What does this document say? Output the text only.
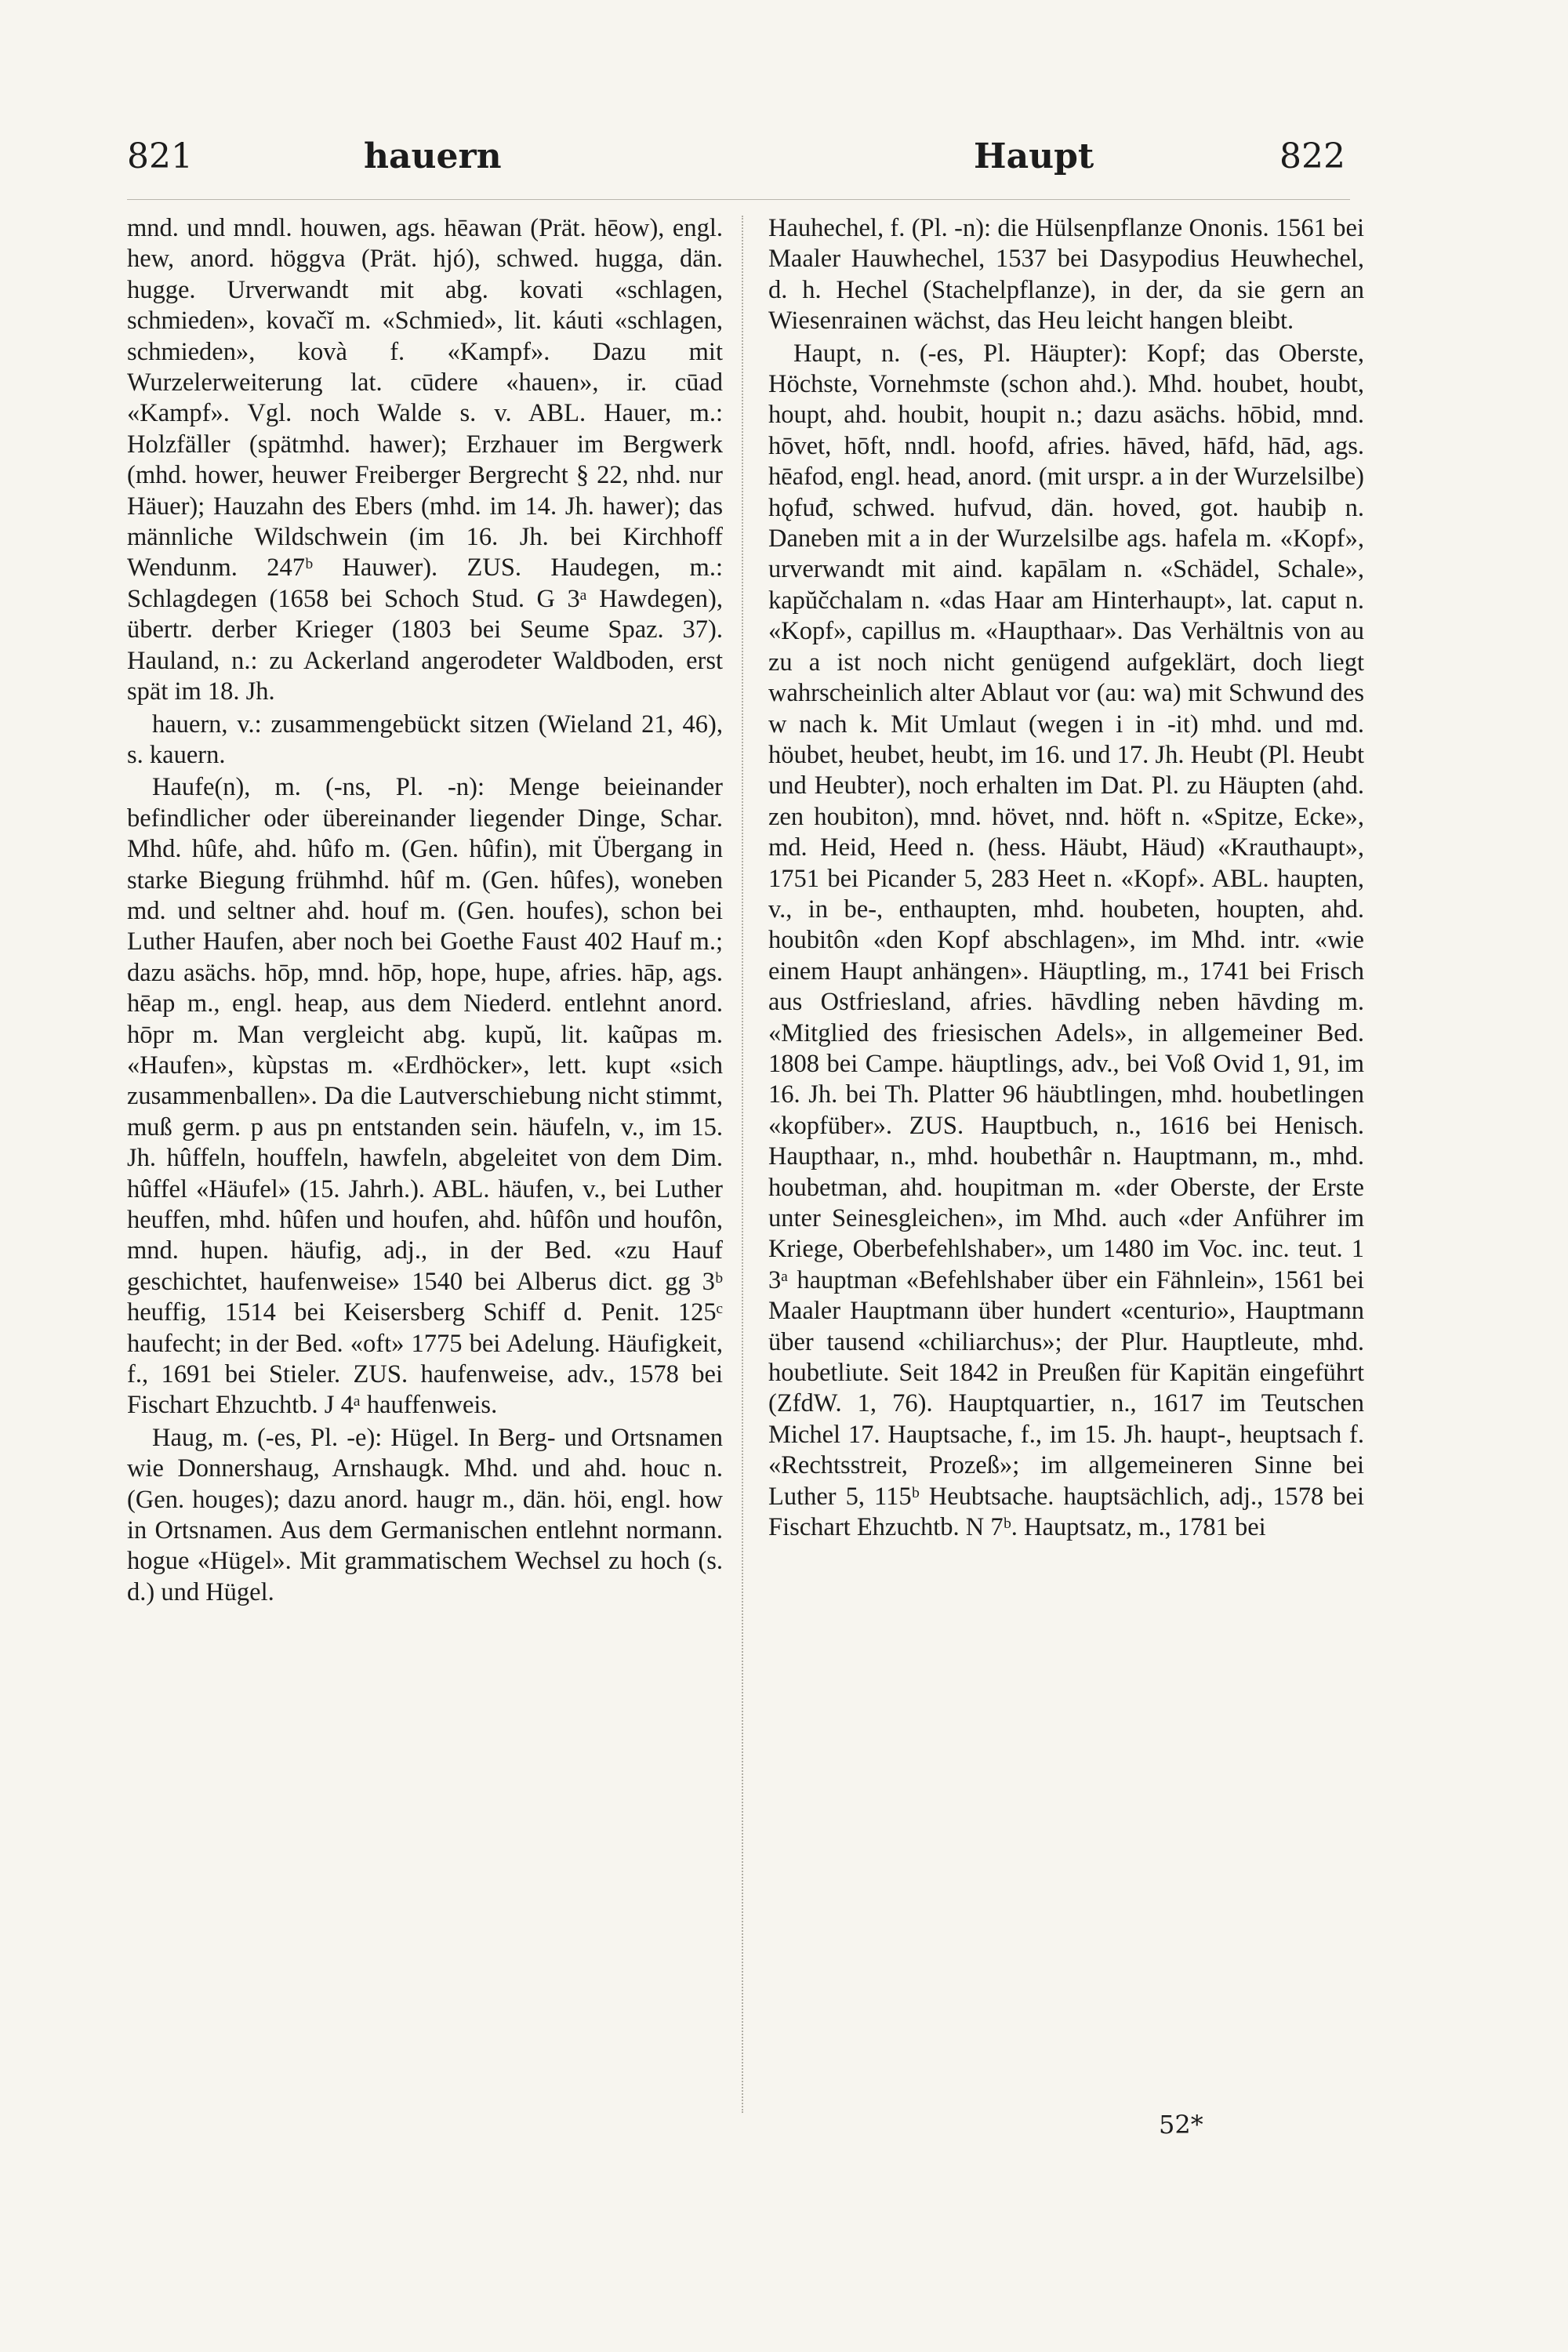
821	hauern	Haupt	822

mnd. und mndl. houwen, ags. hēawan (Prät. hēow), engl. hew, anord. höggva (Prät. hjó), schwed. hugga, dän. hugge. Urverwandt mit abg. kovati «schlagen, schmieden», kovačĭ m. «Schmied», lit. káuti «schlagen, schmieden», kovà f. «Kampf». Dazu mit Wurzelerweiterung lat. cūdere «hauen», ir. cūad «Kampf». Vgl. noch Walde s. v. ABL. Hauer, m.: Holzfäller (spätmhd. hawer); Erzhauer im Bergwerk (mhd. hower, heuwer Freiberger Bergrecht § 22, nhd. nur Häuer); Hauzahn des Ebers (mhd. im 14. Jh. hawer); das männliche Wildschwein (im 16. Jh. bei Kirchhoff Wendunm. 247ᵇ Hauwer). ZUS. Haudegen, m.: Schlagdegen (1658 bei Schoch Stud. G 3ᵃ Hawdegen), übertr. derber Krieger (1803 bei Seume Spaz. 37). Hauland, n.: zu Ackerland angerodeter Waldboden, erst spät im 18. Jh.

hauern, v.: zusammengebückt sitzen (Wieland 21, 46), s. kauern.

Haufe(n), m. (-ns, Pl. -n): Menge beieinander befindlicher oder übereinander liegender Dinge, Schar. Mhd. hûfe, ahd. hûfo m. (Gen. hûfin), mit Übergang in starke Biegung frühmhd. hûf m. (Gen. hûfes), woneben md. und seltner ahd. houf m. (Gen. houfes), schon bei Luther Haufen, aber noch bei Goethe Faust 402 Hauf m.; dazu asächs. hōp, mnd. hōp, hope, hupe, afries. hāp, ags. hēap m., engl. heap, aus dem Niederd. entlehnt anord. hōpr m. Man vergleicht abg. kupŭ, lit. kaũpas m. «Haufen», kùpstas m. «Erdhöcker», lett. kupt «sich zusammenballen». Da die Lautverschiebung nicht stimmt, muß germ. p aus pn entstanden sein. häufeln, v., im 15. Jh. hûffeln, houffeln, hawfeln, abgeleitet von dem Dim. hûffel «Häufel» (15. Jahrh.). ABL. häufen, v., bei Luther heuffen, mhd. hûfen und houfen, ahd. hûfôn und houfôn, mnd. hupen. häufig, adj., in der Bed. «zu Hauf geschichtet, haufenweise» 1540 bei Alberus dict. gg 3ᵇ heuffig, 1514 bei Keisersberg Schiff d. Penit. 125ᶜ haufecht; in der Bed. «oft» 1775 bei Adelung. Häufigkeit, f., 1691 bei Stieler. ZUS. haufenweise, adv., 1578 bei Fischart Ehzuchtb. J 4ᵃ hauffenweis.

Haug, m. (-es, Pl. -e): Hügel. In Berg- und Ortsnamen wie Donnershaug, Arnshaugk. Mhd. und ahd. houc n. (Gen. houges); dazu anord. haugr m., dän. höi, engl. how in Ortsnamen. Aus dem Germanischen entlehnt normann. hogue «Hügel». Mit grammatischem Wechsel zu hoch (s. d.) und Hügel.

Hauhechel, f. (Pl. -n): die Hülsenpflanze Ononis. 1561 bei Maaler Hauwhechel, 1537 bei Dasypodius Heuwhechel, d. h. Hechel (Stachelpflanze), in der, da sie gern an Wiesenrainen wächst, das Heu leicht hangen bleibt.

Haupt, n. (-es, Pl. Häupter): Kopf; das Oberste, Höchste, Vornehmste (schon ahd.). Mhd. houbet, houbt, houpt, ahd. houbit, houpit n.; dazu asächs. hōbid, mnd. hōvet, hōft, nndl. hoofd, afries. hāved, hāfd, hād, ags. hēafod, engl. head, anord. (mit urspr. a in der Wurzelsilbe) hǫfuđ, schwed. hufvud, dän. hoved, got. haubiþ n. Daneben mit a in der Wurzelsilbe ags. hafela m. «Kopf», urverwandt mit aind. kapālam n. «Schädel, Schale», kapŭčchalam n. «das Haar am Hinterhaupt», lat. caput n. «Kopf», capillus m. «Haupthaar». Das Verhältnis von au zu a ist noch nicht genügend aufgeklärt, doch liegt wahrscheinlich alter Ablaut vor (au: wa) mit Schwund des w nach k. Mit Umlaut (wegen i in -it) mhd. und md. höubet, heubet, heubt, im 16. und 17. Jh. Heubt (Pl. Heubt und Heubter), noch erhalten im Dat. Pl. zu Häupten (ahd. zen houbiton), mnd. hövet, nnd. höft n. «Spitze, Ecke», md. Heid, Heed n. (hess. Häubt, Häud) «Krauthaupt», 1751 bei Picander 5, 283 Heet n. «Kopf». ABL. haupten, v., in be-, enthaupten, mhd. houbeten, houpten, ahd. houbitôn «den Kopf abschlagen», im Mhd. intr. «wie einem Haupt anhängen». Häuptling, m., 1741 bei Frisch aus Ostfriesland, afries. hāvdling neben hāvding m. «Mitglied des friesischen Adels», in allgemeiner Bed. 1808 bei Campe. häuptlings, adv., bei Voß Ovid 1, 91, im 16. Jh. bei Th. Platter 96 häubtlingen, mhd. houbetlingen «kopfüber». ZUS. Hauptbuch, n., 1616 bei Henisch. Haupthaar, n., mhd. houbethâr n. Hauptmann, m., mhd. houbetman, ahd. houpitman m. «der Oberste, der Erste unter Seinesgleichen», im Mhd. auch «der Anführer im Kriege, Oberbefehlshaber», um 1480 im Voc. inc. teut. 1 3ᵃ hauptman «Befehlshaber über ein Fähnlein», 1561 bei Maaler Hauptmann über hundert «centurio», Hauptmann über tausend «chiliarchus»; der Plur. Hauptleute, mhd. houbetliute. Seit 1842 in Preußen für Kapitän eingeführt (ZfdW. 1, 76). Hauptquartier, n., 1617 im Teutschen Michel 17. Hauptsache, f., im 15. Jh. haupt-, heuptsach f. «Rechtsstreit, Prozeß»; im allgemeineren Sinne bei Luther 5, 115ᵇ Heubtsache. hauptsächlich, adj., 1578 bei Fischart Ehzuchtb. N 7ᵇ. Hauptsatz, m., 1781 bei

52*
